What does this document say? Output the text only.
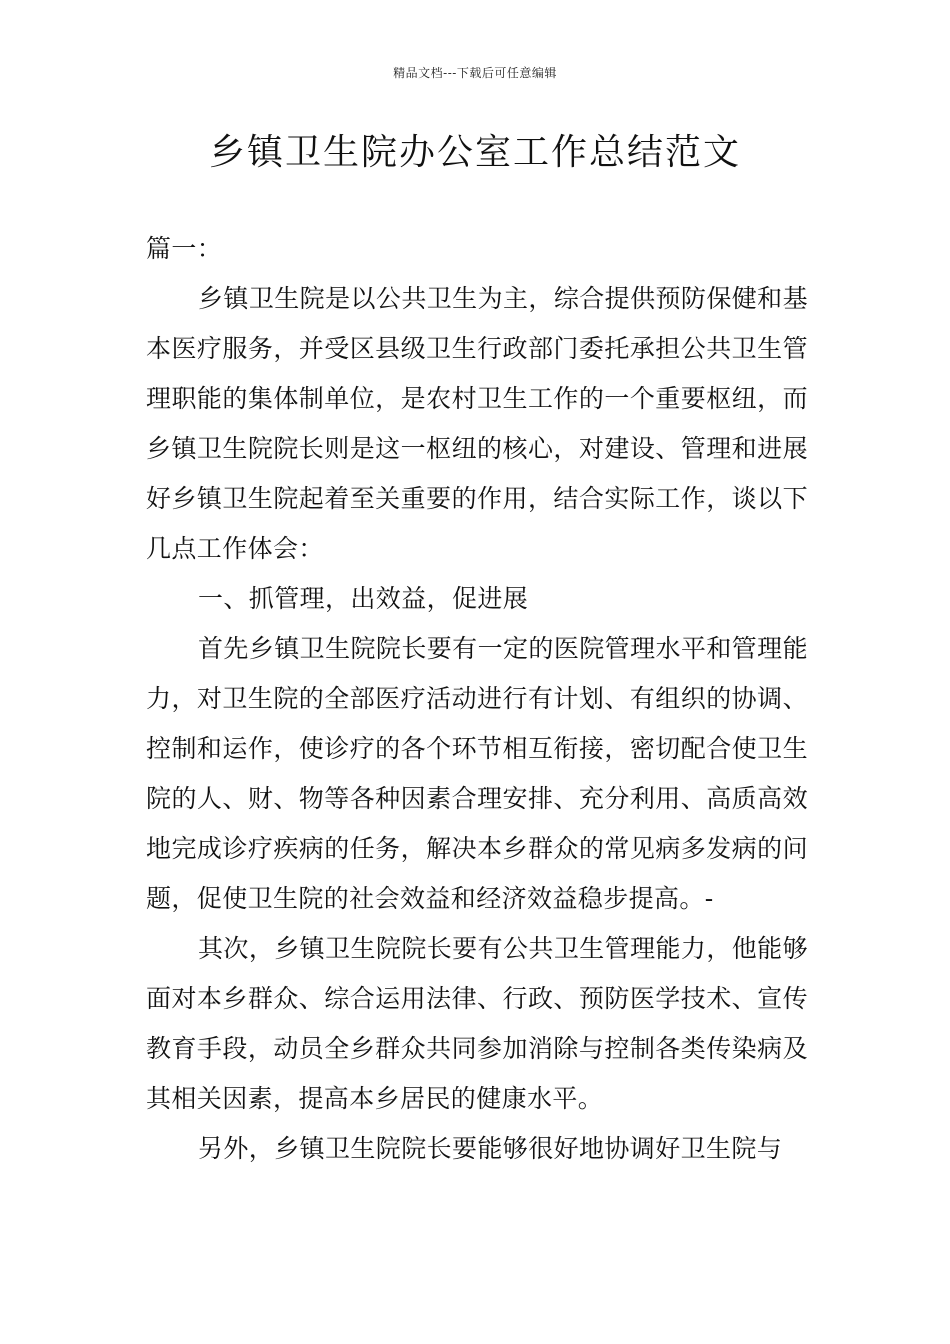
精品文档---下载后可任意编辑
乡镇卫生院办公室工作总结范文

篇一：

乡镇卫生院是以公共卫生为主，综合提供预防保健和基本医疗服务，并受区县级卫生行政部门委托承担公共卫生管理职能的集体制单位，是农村卫生工作的一个重要枢纽，而乡镇卫生院院长则是这一枢纽的核心，对建设、管理和进展好乡镇卫生院起着至关重要的作用，结合实际工作，谈以下几点工作体会：

一、抓管理，出效益，促进展

首先乡镇卫生院院长要有一定的医院管理水平和管理能力，对卫生院的全部医疗活动进行有计划、有组织的协调、控制和运作，使诊疗的各个环节相互衔接，密切配合使卫生院的人、财、物等各种因素合理安排、充分利用、高质高效地完成诊疗疾病的任务，解决本乡群众的常见病多发病的问题，促使卫生院的社会效益和经济效益稳步提高。-

其次，乡镇卫生院院长要有公共卫生管理能力，他能够面对本乡群众、综合运用法律、行政、预防医学技术、宣传教育手段，动员全乡群众共同参加消除与控制各类传染病及其相关因素，提高本乡居民的健康水平。

另外，乡镇卫生院院长要能够很好地协调好卫生院与
